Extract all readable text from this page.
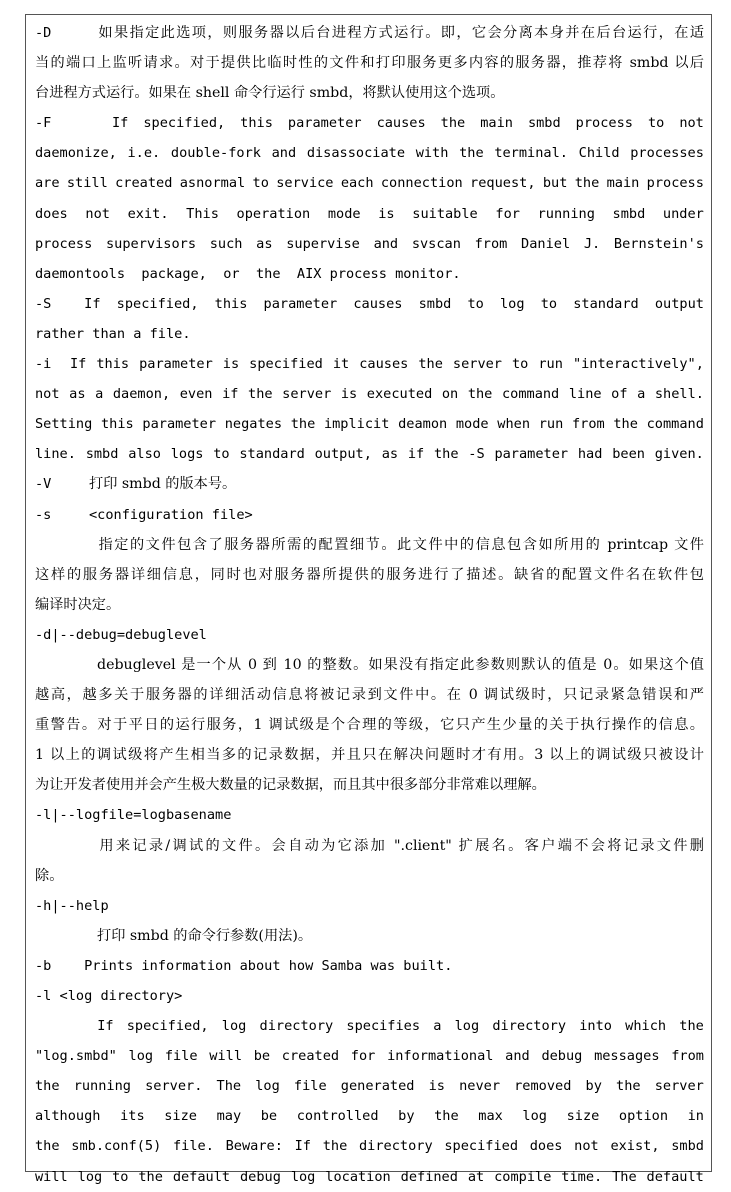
-D	如果指定此选项，则服务器以后台进程方式运行。即，它会分离本身并在后台运行，在适
当的端口上监听请求。对于提供比临时性的文件和打印服务更多内容的服务器，推荐将 smbd 以后
台进程方式运行。如果在 shell 命令行运行 smbd，将默认使用这个选项。
-F	If specified, this parameter causes the main smbd process to not
daemonize, i.e. double-fork and disassociate with the terminal. Child processes
are still created asnormal to service each connection request, but the main process
does not exit. This operation mode is suitable for running smbd under
process supervisors such as supervise and svscan from Daniel J. Bernstein's
daemontools  package,  or  the  AIX process monitor.
-S	If specified, this parameter causes smbd to log to standard output
rather than a file.
-i	If this parameter is specified it causes the server to run "interactively",
not as a daemon, even if the server is executed on the command line of a shell.
Setting this parameter negates the implicit deamon mode when run from the command
line. smbd also logs to standard output, as if the -S parameter had been given.
-V	打印 smbd 的版本号。
-s	<configuration file>
指定的文件包含了服务器所需的配置细节。此文件中的信息包含如所用的 printcap 文件
这样的服务器详细信息，同时也对服务器所提供的服务进行了描述。缺省的配置文件名在软件包
编译时决定。
-d|--debug=debuglevel
debuglevel 是一个从 0 到 10 的整数。如果没有指定此参数则默认的值是 0。如果这个值
越高，越多关于服务器的详细活动信息将被记录到文件中。在 0 调试级时，只记录紧急错误和严
重警告。对于平日的运行服务，1 调试级是个合理的等级，它只产生少量的关于执行操作的信息。
1 以上的调试级将产生相当多的记录数据，并且只在解决问题时才有用。3 以上的调试级只被设计
为让开发者使用并会产生极大数量的记录数据，而且其中很多部分非常难以理解。
-l|--logfile=logbasename
用来记录/调试的文件。会自动为它添加 ".client" 扩展名。客户端不会将记录文件删
除。
-h|--help
打印 smbd 的命令行参数(用法)。
-b    Prints information about how Samba was built.
-l <log directory>
If specified, log directory specifies a log directory into which the
"log.smbd" log file will be created for informational and debug messages from
the running server. The log file generated is never removed by the server
although its size may be controlled by the max log size option in
the smb.conf(5) file. Beware: If the directory specified does not exist, smbd
will log to the default debug log location defined at compile time. The default
